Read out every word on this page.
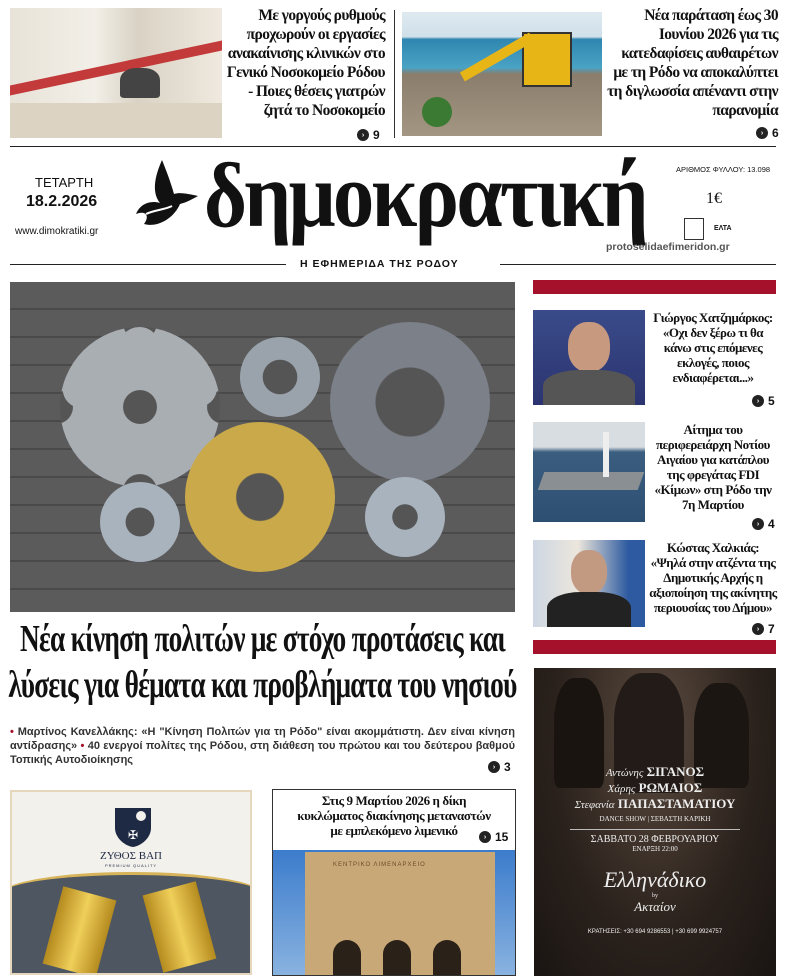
Με γοργούς ρυθμούς προχωρούν οι εργασίες ανακαίνισης κλινικών στο Γενικό Νοσοκομείο Ρόδου - Ποιες θέσεις γιατρών ζητά το Νοσοκομείο
› 9
Νέα παράταση έως 30 Ιουνίου 2026 για τις κατεδαφίσεις αυθαιρέτων με τη Ρόδο να αποκαλύπτει τη διγλωσσία απέναντι στην παρανομία
› 6
ΤΕΤΑΡΤΗ
18.2.2026
www.dimokratiki.gr δημοκρατική	ΑΡΙΘΜΟΣ ΦΥΛΛΟΥ: 13.098
1€
ΕΛΤΑ
protoselidaefimeridon.gr
Η ΕΦΗΜΕΡΙΔΑ ΤΗΣ ΡΟΔΟΥ
Νέα κίνηση πολιτών με στόχο προτάσεις και
λύσεις για θέματα και προβλήματα του νησιού
• Μαρτίνος Κανελλάκης: «Η "Κίνηση Πολιτών για τη Ρόδο" είναι ακομμάτιστη. Δεν είναι κίνηση αντίδρασης» • 40 ενεργοί πολίτες της Ρόδου, στη διάθεση του πρώτου και του δεύτερου βαθμού Τοπικής Αυτοδιοίκησης
› 3
Γιώργος Χατζημάρκος: «Οχι δεν ξέρω τι θα κάνω στις επόμενες εκλογές, ποιος ενδιαφέρεται...»
› 5
Αίτημα του περιφερειάρχη Νοτίου Αιγαίου για κατάπλου της φρεγάτας FDI «Κίμων» στη Ρόδο την 7η Μαρτίου
› 4
Κώστας Χαλκιάς: «Ψηλά στην ατζέντα της Δημοτικής Αρχής η αξιοποίηση της ακίνητης περιουσίας του Δήμου»
› 7
Αντώνης ΣΙΓΑΝΟΣ
Χάρης ΡΩΜΑΙΟΣ
Στεφανία ΠΑΠΑΣΤΑΜΑΤΙΟΥ
DANCE SHOW | ΣΕΒΑΣΤΗ ΚΑΡΙΚΗ
ΣΑΒΒΑΤΟ 28 ΦΕΒΡΟΥΑΡΙΟΥ
ΕΝΑΡΞΗ 22:00
Ελληνάδικο
by
Ακταίον
ΚΡΑΤΗΣΕΙΣ: +30 694 9286553 | +30 699 9924757
✠
ΖΥΘΟΣ ΒΑΠ
PREMIUM QUALITY
Στις 9 Μαρτίου 2026 η δίκη κυκλώματος διακίνησης μεταναστών με εμπλεκόμενο λιμενικό	› 15
ΚΕΝΤΡΙΚΟ ΛΙΜΕΝΑΡΧΕΙΟ
